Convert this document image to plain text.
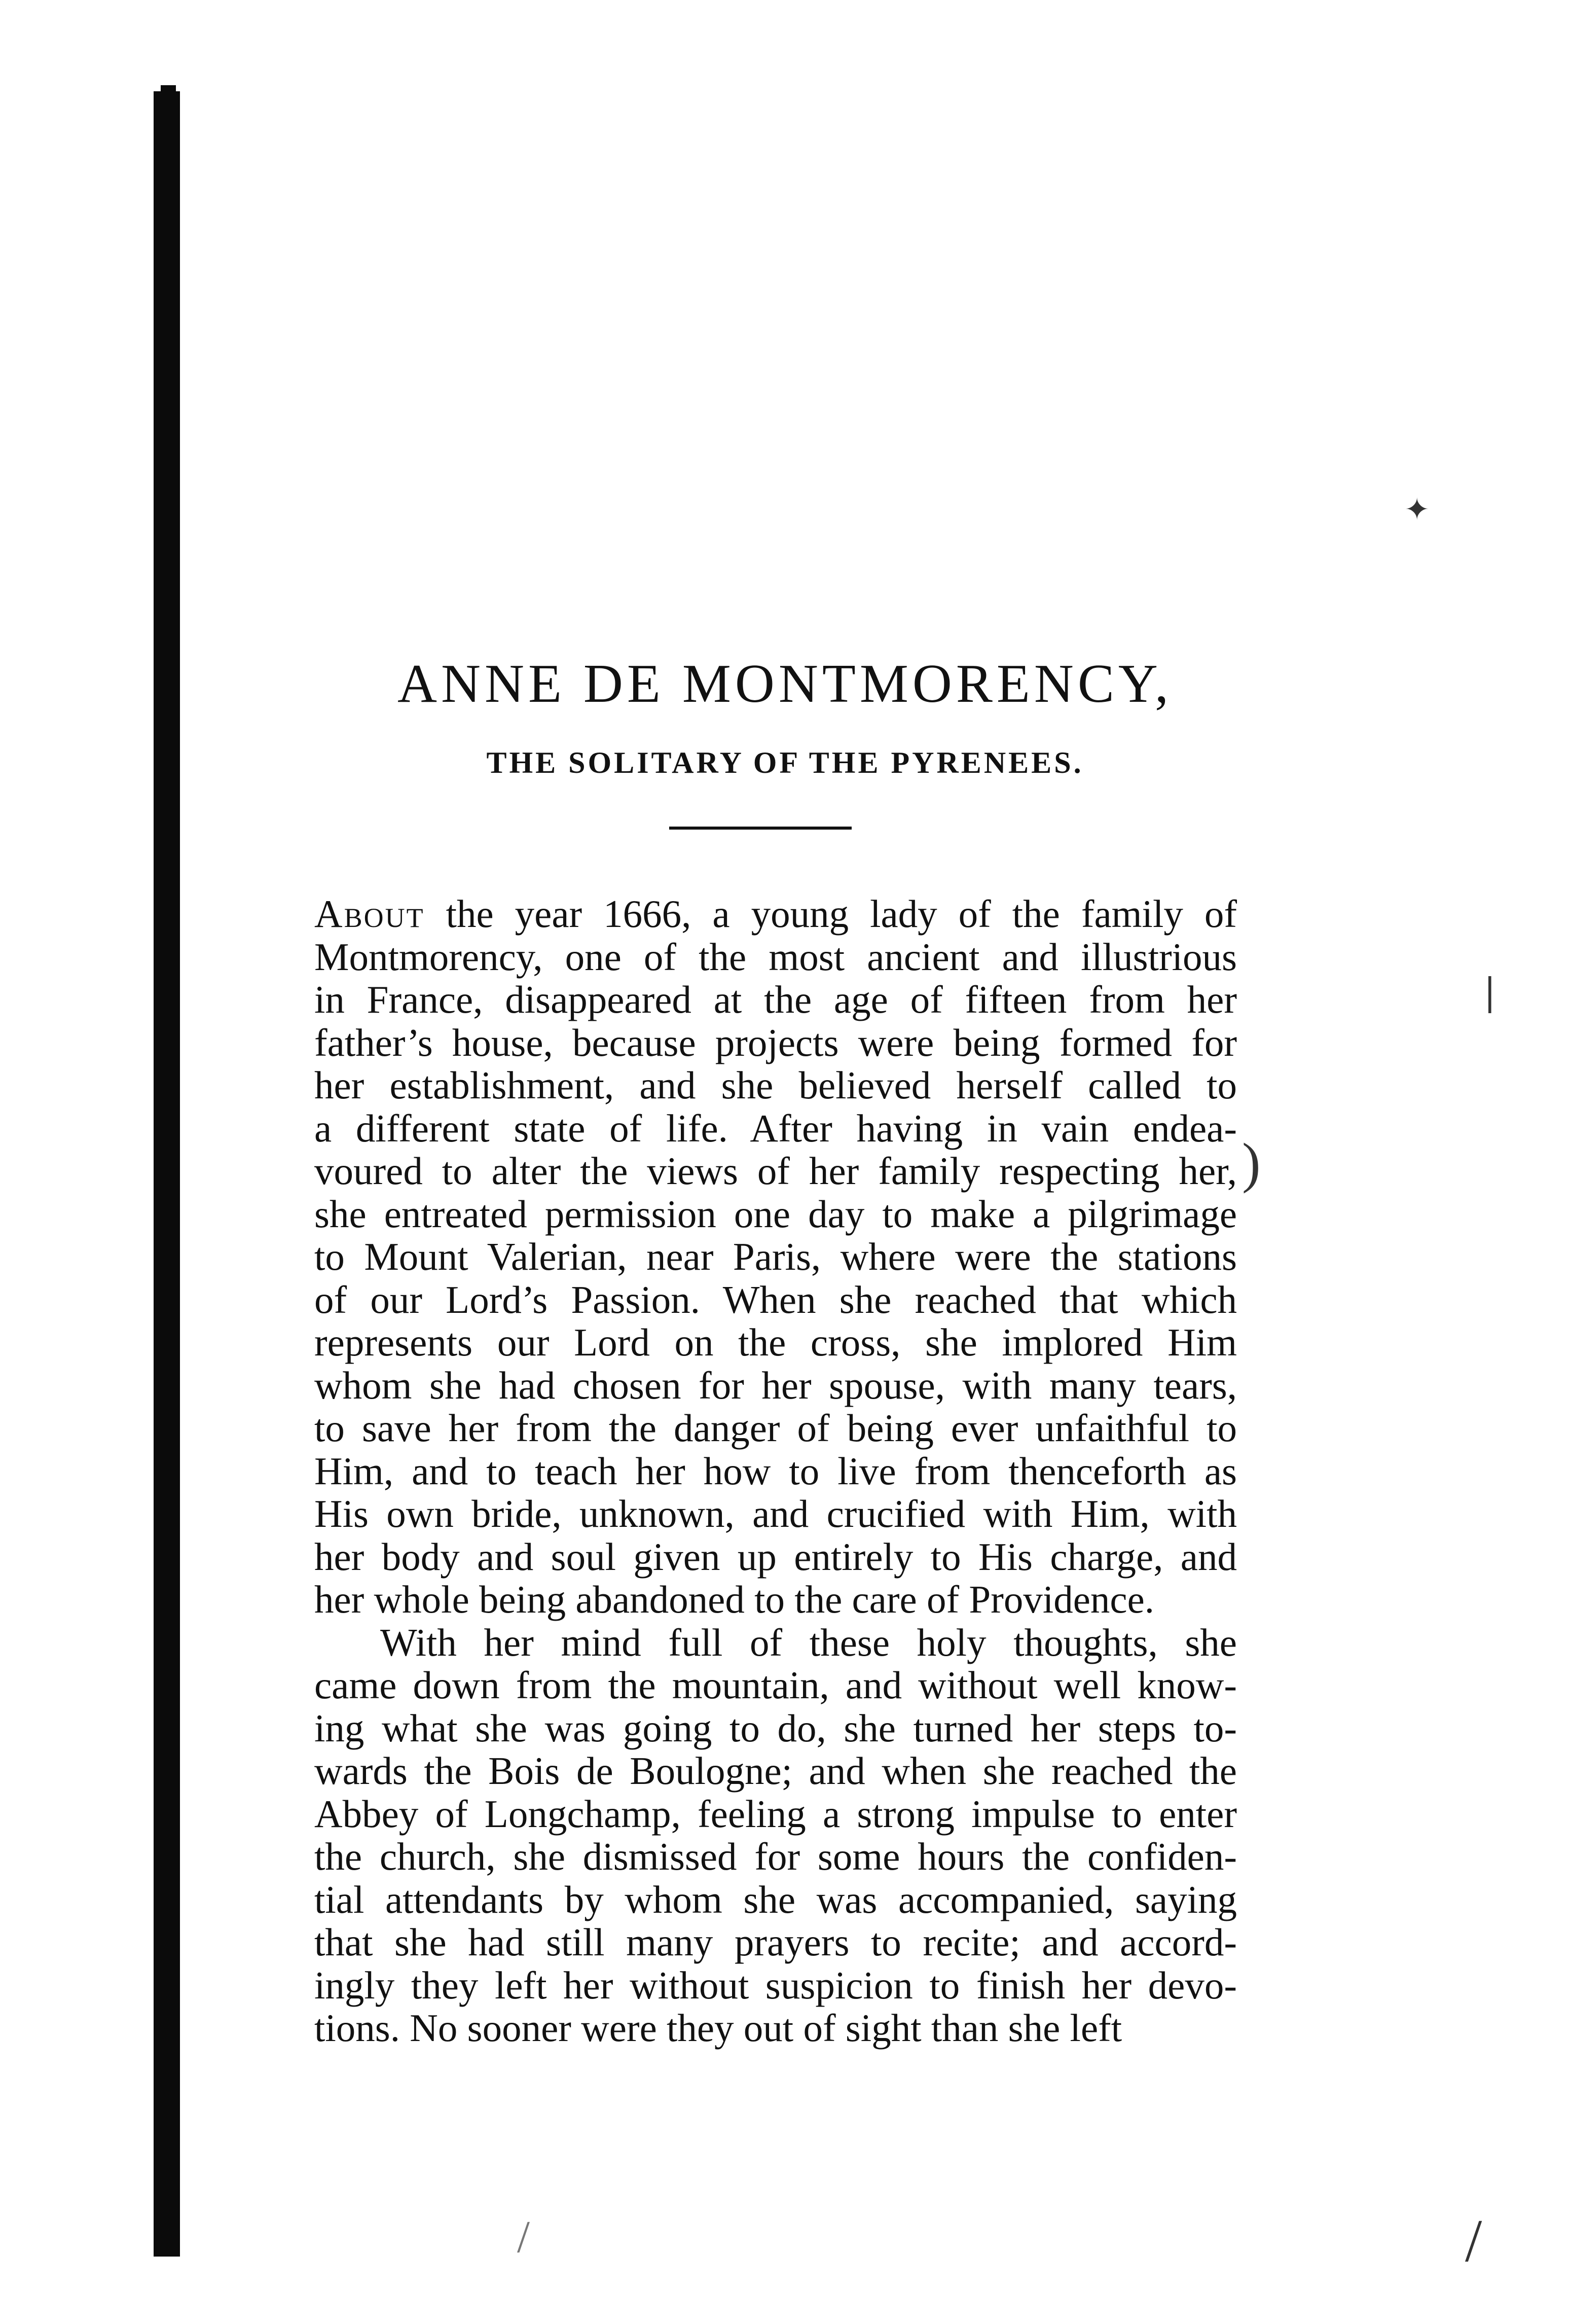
ANNE DE MONTMORENCY,
THE SOLITARY OF THE PYRENEES.
About the year 1666, a young lady of the family of
Montmorency, one of the most ancient and illustrious
in France, disappeared at the age of fifteen from her
father’s house, because projects were being formed for
her establishment, and she believed herself called to
a different state of life. After having in vain endea-
voured to alter the views of her family respecting her,
she entreated permission one day to make a pilgrimage
to Mount Valerian, near Paris, where were the stations
of our Lord’s Passion. When she reached that which
represents our Lord on the cross, she implored Him
whom she had chosen for her spouse, with many tears,
to save her from the danger of being ever unfaithful to
Him, and to teach her how to live from thenceforth as
His own bride, unknown, and crucified with Him, with
her body and soul given up entirely to His charge, and
her whole being abandoned to the care of Providence.
With her mind full of these holy thoughts, she
came down from the mountain, and without well know-
ing what she was going to do, she turned her steps to-
wards the Bois de Boulogne; and when she reached the
Abbey of Longchamp, feeling a strong impulse to enter
the church, she dismissed for some hours the confiden-
tial attendants by whom she was accompanied, saying
that she had still many prayers to recite; and accord-
ingly they left her without suspicion to finish her devo-
tions. No sooner were they out of sight than she left
✦
)
|
/
/
